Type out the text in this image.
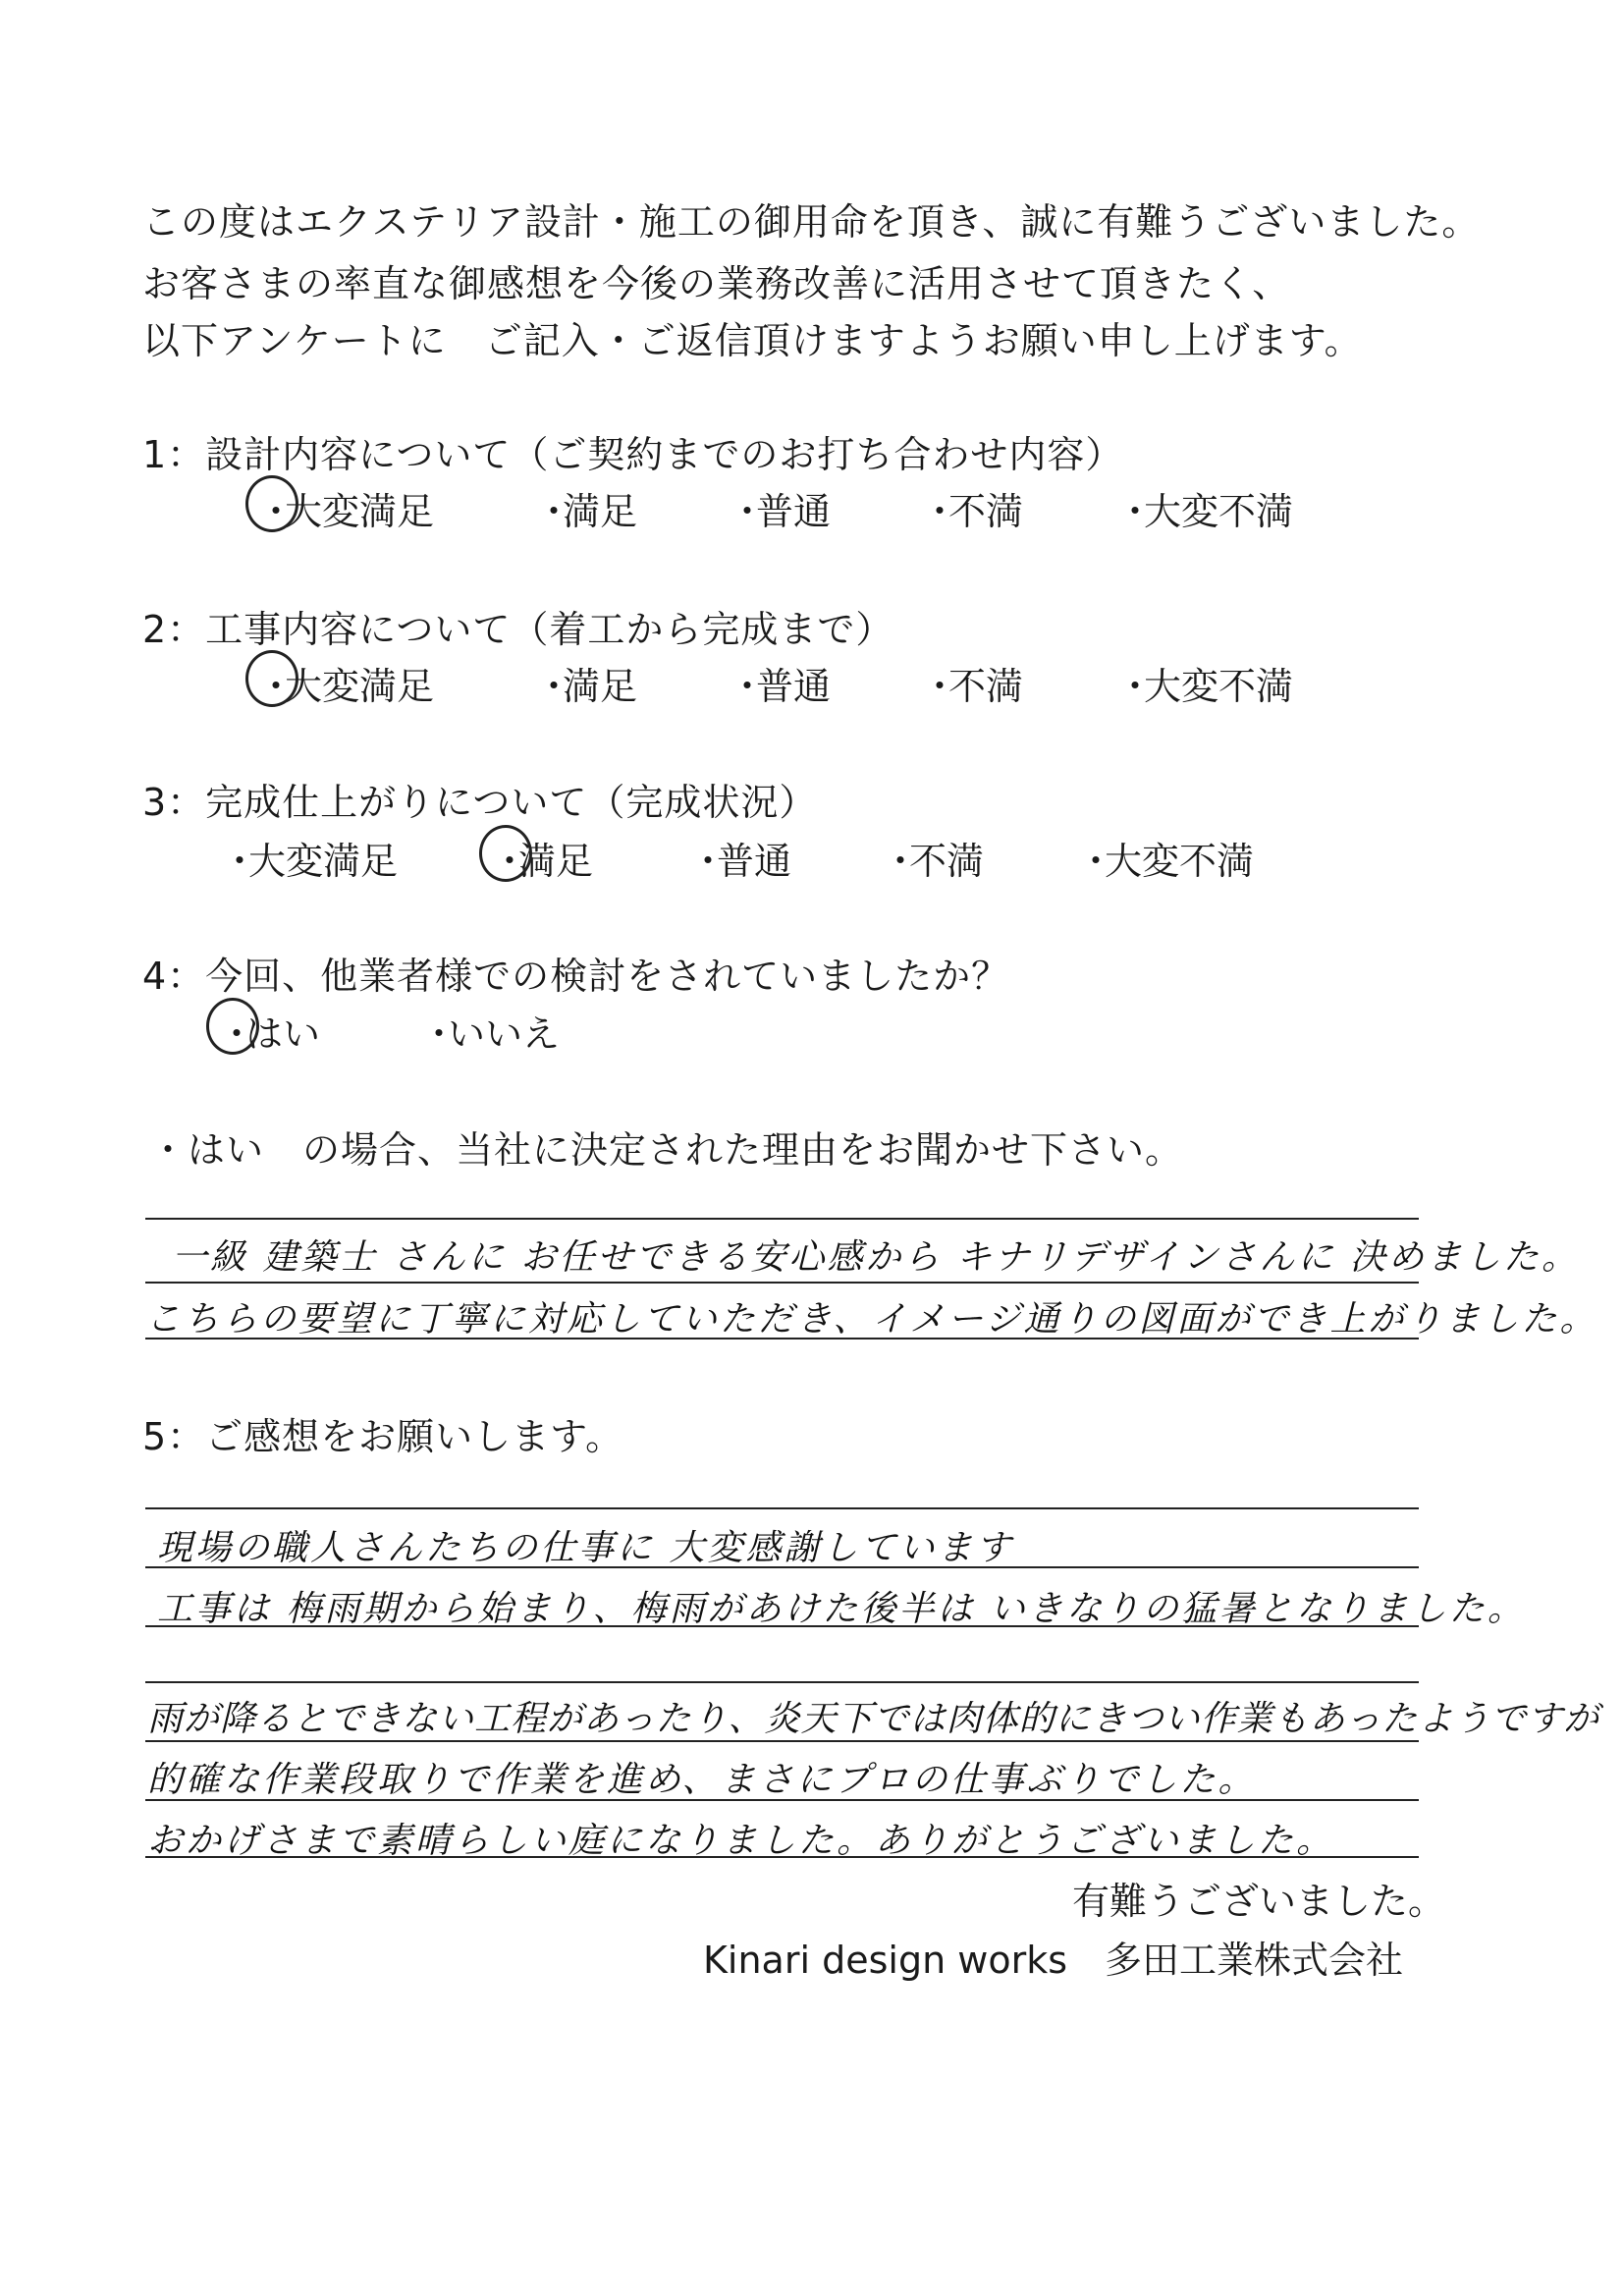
この度はエクステリア設計・施工の御用命を頂き、誠に有難うございました。
お客さまの率直な御感想を今後の業務改善に活用させて頂きたく、
以下アンケートに　ご記入・ご返信頂けますようお願い申し上げます。
1：設計内容について（ご契約までのお打ち合わせ内容）
・大変満足	・満足 ・普通 ・不満 ・大変不満
2：工事内容について（着工から完成まで）
・大変満足	・満足 ・普通 ・不満 ・大変不満
3：完成仕上がりについて（完成状況）
・大変満足 ・満足	・普通 ・不満 ・大変不満
4：今回、他業者様での検討をされていましたか？
・はい	・いいえ
・はい　の場合、当社に決定された理由をお聞かせ下さい。
一級 建築士 さんに お任せできる安心感から キナリデザインさんに 決めました。
こちらの要望に丁寧に対応していただき、イメージ通りの図面ができ上がりました。
5：ご感想をお願いします。
現場の職人さんたちの仕事に 大変感謝しています
工事は 梅雨期から始まり、梅雨があけた後半は いきなりの猛暑となりました。
雨が降るとできない工程があったり、炎天下では肉体的にきつい作業もあったようですが
的確な作業段取りで作業を進め、まさにプロの仕事ぶりでした。
おかげさまで素晴らしい庭になりました。ありがとうございました。
有難うございました。
Kinari design works　多田工業株式会社
